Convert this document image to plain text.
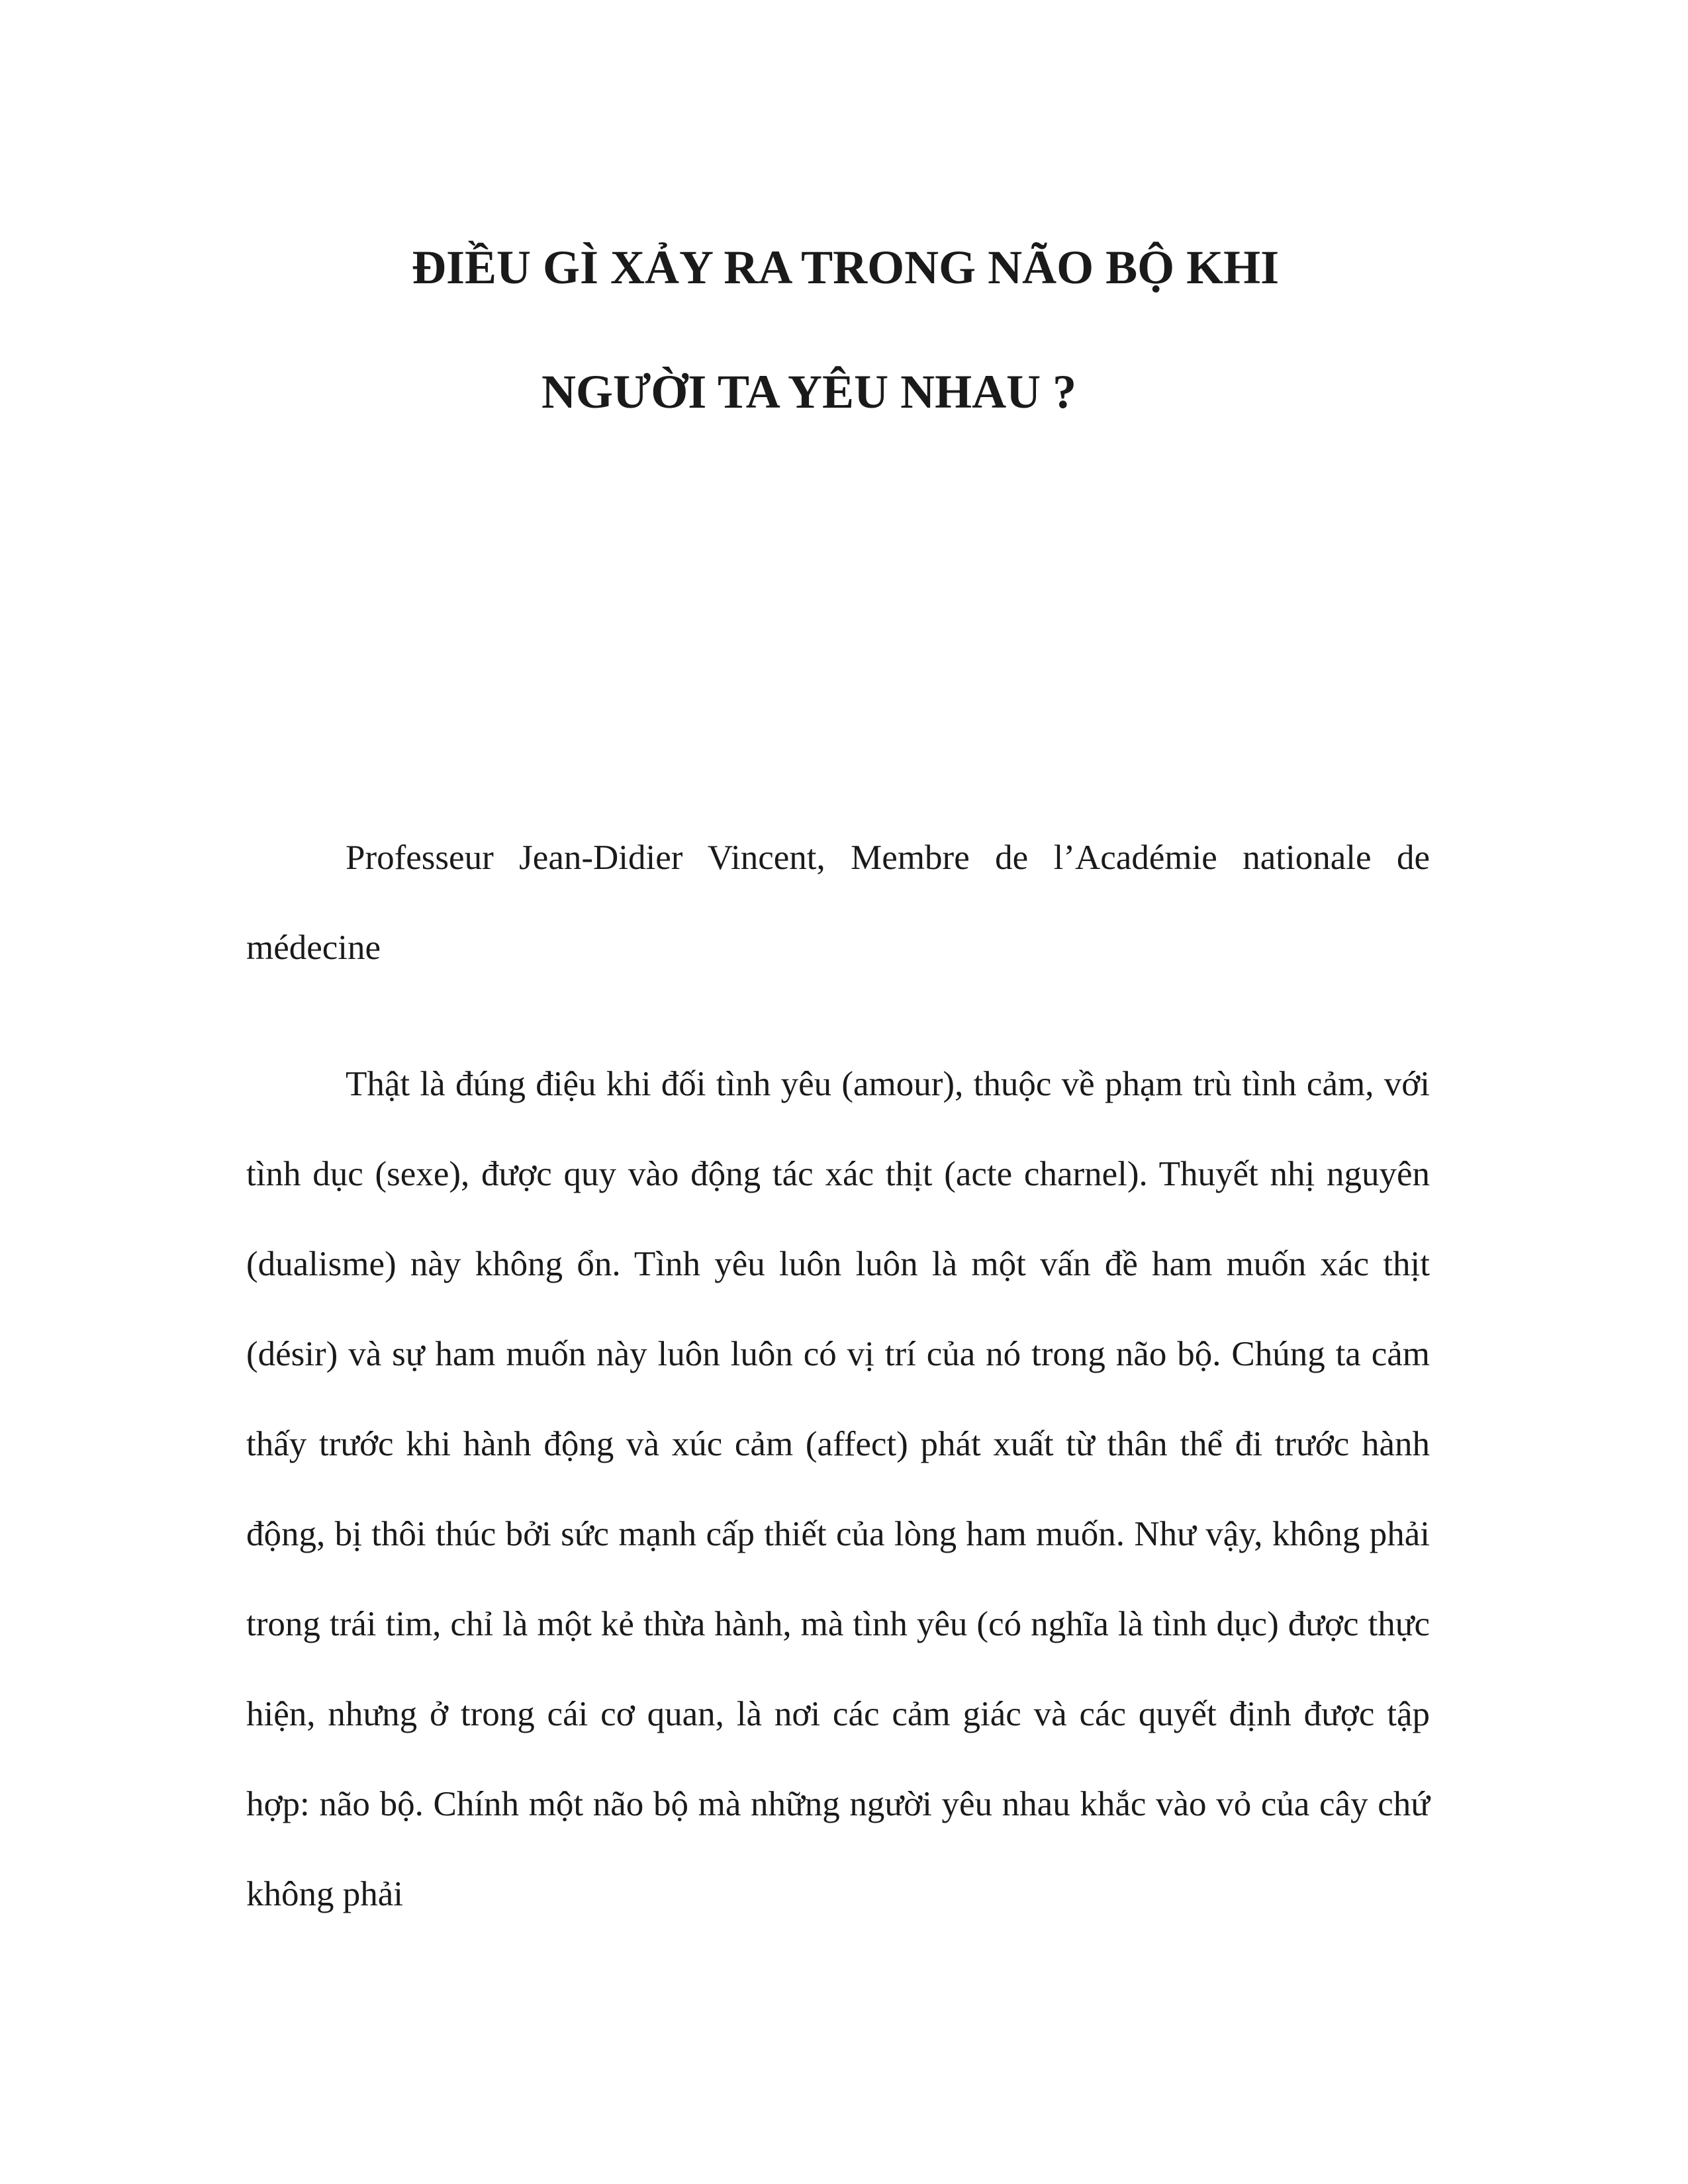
ĐIỀU GÌ XẢY RA TRONG NÃO BỘ KHI
NGƯỜI TA YÊU NHAU ?

Professeur Jean-Didier Vincent, Membre de l’Académie nationale de médecine

Thật là đúng điệu khi đối tình yêu (amour), thuộc về phạm trù tình cảm, với tình dục (sexe), được quy vào động tác xác thịt (acte charnel). Thuyết nhị nguyên (dualisme) này không ổn. Tình yêu luôn luôn là một vấn đề ham muốn xác thịt (désir) và sự ham muốn này luôn luôn có vị trí của nó trong não bộ. Chúng ta cảm thấy trước khi hành động và xúc cảm (affect) phát xuất từ thân thể đi trước hành động, bị thôi thúc bởi sức mạnh cấp thiết của lòng ham muốn. Như vậy, không phải trong trái tim, chỉ là một kẻ thừa hành, mà tình yêu (có nghĩa là tình dục) được thực hiện, nhưng ở trong cái cơ quan, là nơi các cảm giác và các quyết định được tập hợp: não bộ. Chính một não bộ mà những người yêu nhau khắc vào vỏ của cây chứ không phải
